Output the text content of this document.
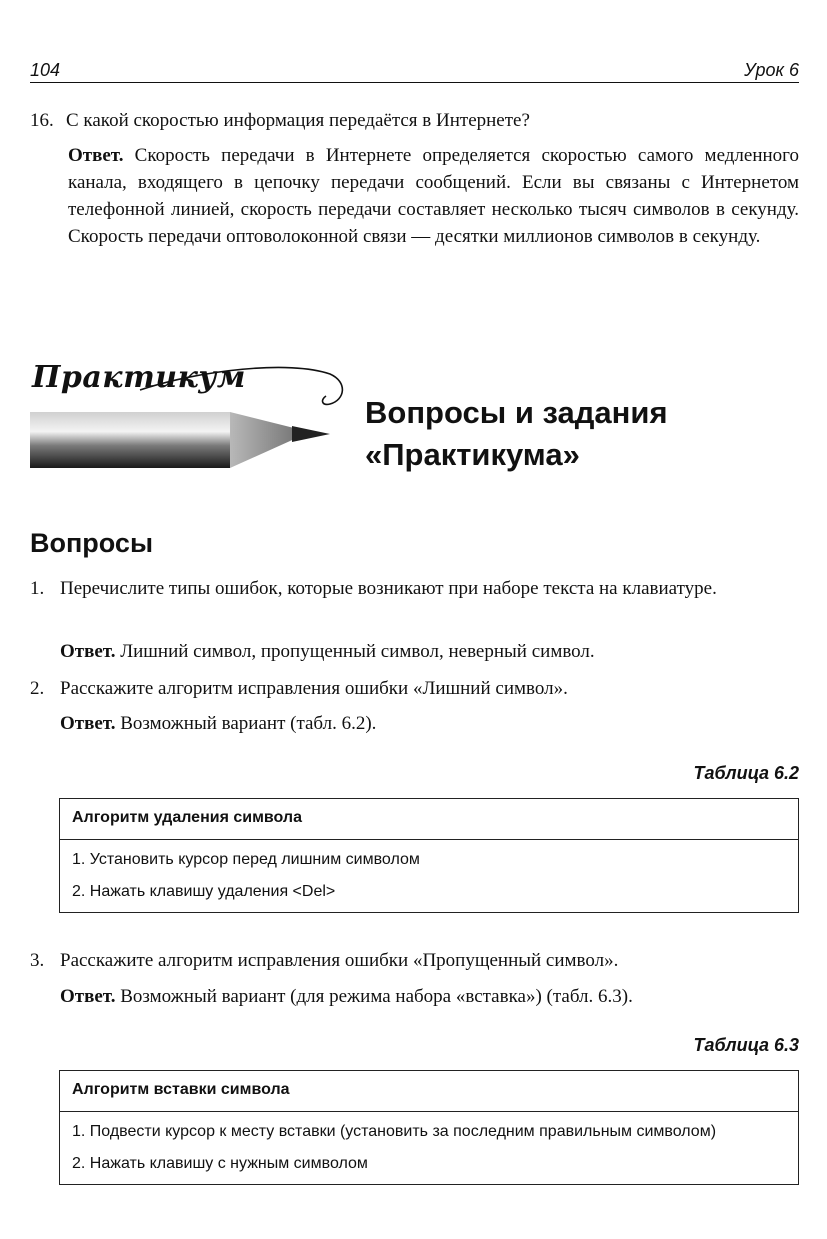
104	Урок 6

16. С какой скоростью информация передаётся в Интернете?

Ответ. Скорость передачи в Интернете определяется скоростью самого медленного канала, входящего в цепочку передачи сообщений. Если вы связаны с Интернетом телефонной линией, скорость передачи составляет несколько тысяч символов в секунду. Скорость передачи оптоволоконной связи — десятки миллионов символов в секунду.

Практикум
Вопросы и задания
«Практикума»
Вопросы
1. Перечислите типы ошибок, которые возникают при наборе текста на клавиатуре.

Ответ. Лишний символ, пропущенный символ, неверный символ.

2. Расскажите алгоритм исправления ошибки «Лишний символ».

Ответ. Возможный вариант (табл. 6.2).

Таблица 6.2
Алгоритм удаления символа
1. Установить курсор перед лишним символом
2. Нажать клавишу удаления <Del>
3. Расскажите алгоритм исправления ошибки «Пропущенный символ».

Ответ. Возможный вариант (для режима набора «вставка») (табл. 6.3).

Таблица 6.3
Алгоритм вставки символа
1. Подвести курсор к месту вставки (установить за последним правильным символом)
2. Нажать клавишу с нужным символом
